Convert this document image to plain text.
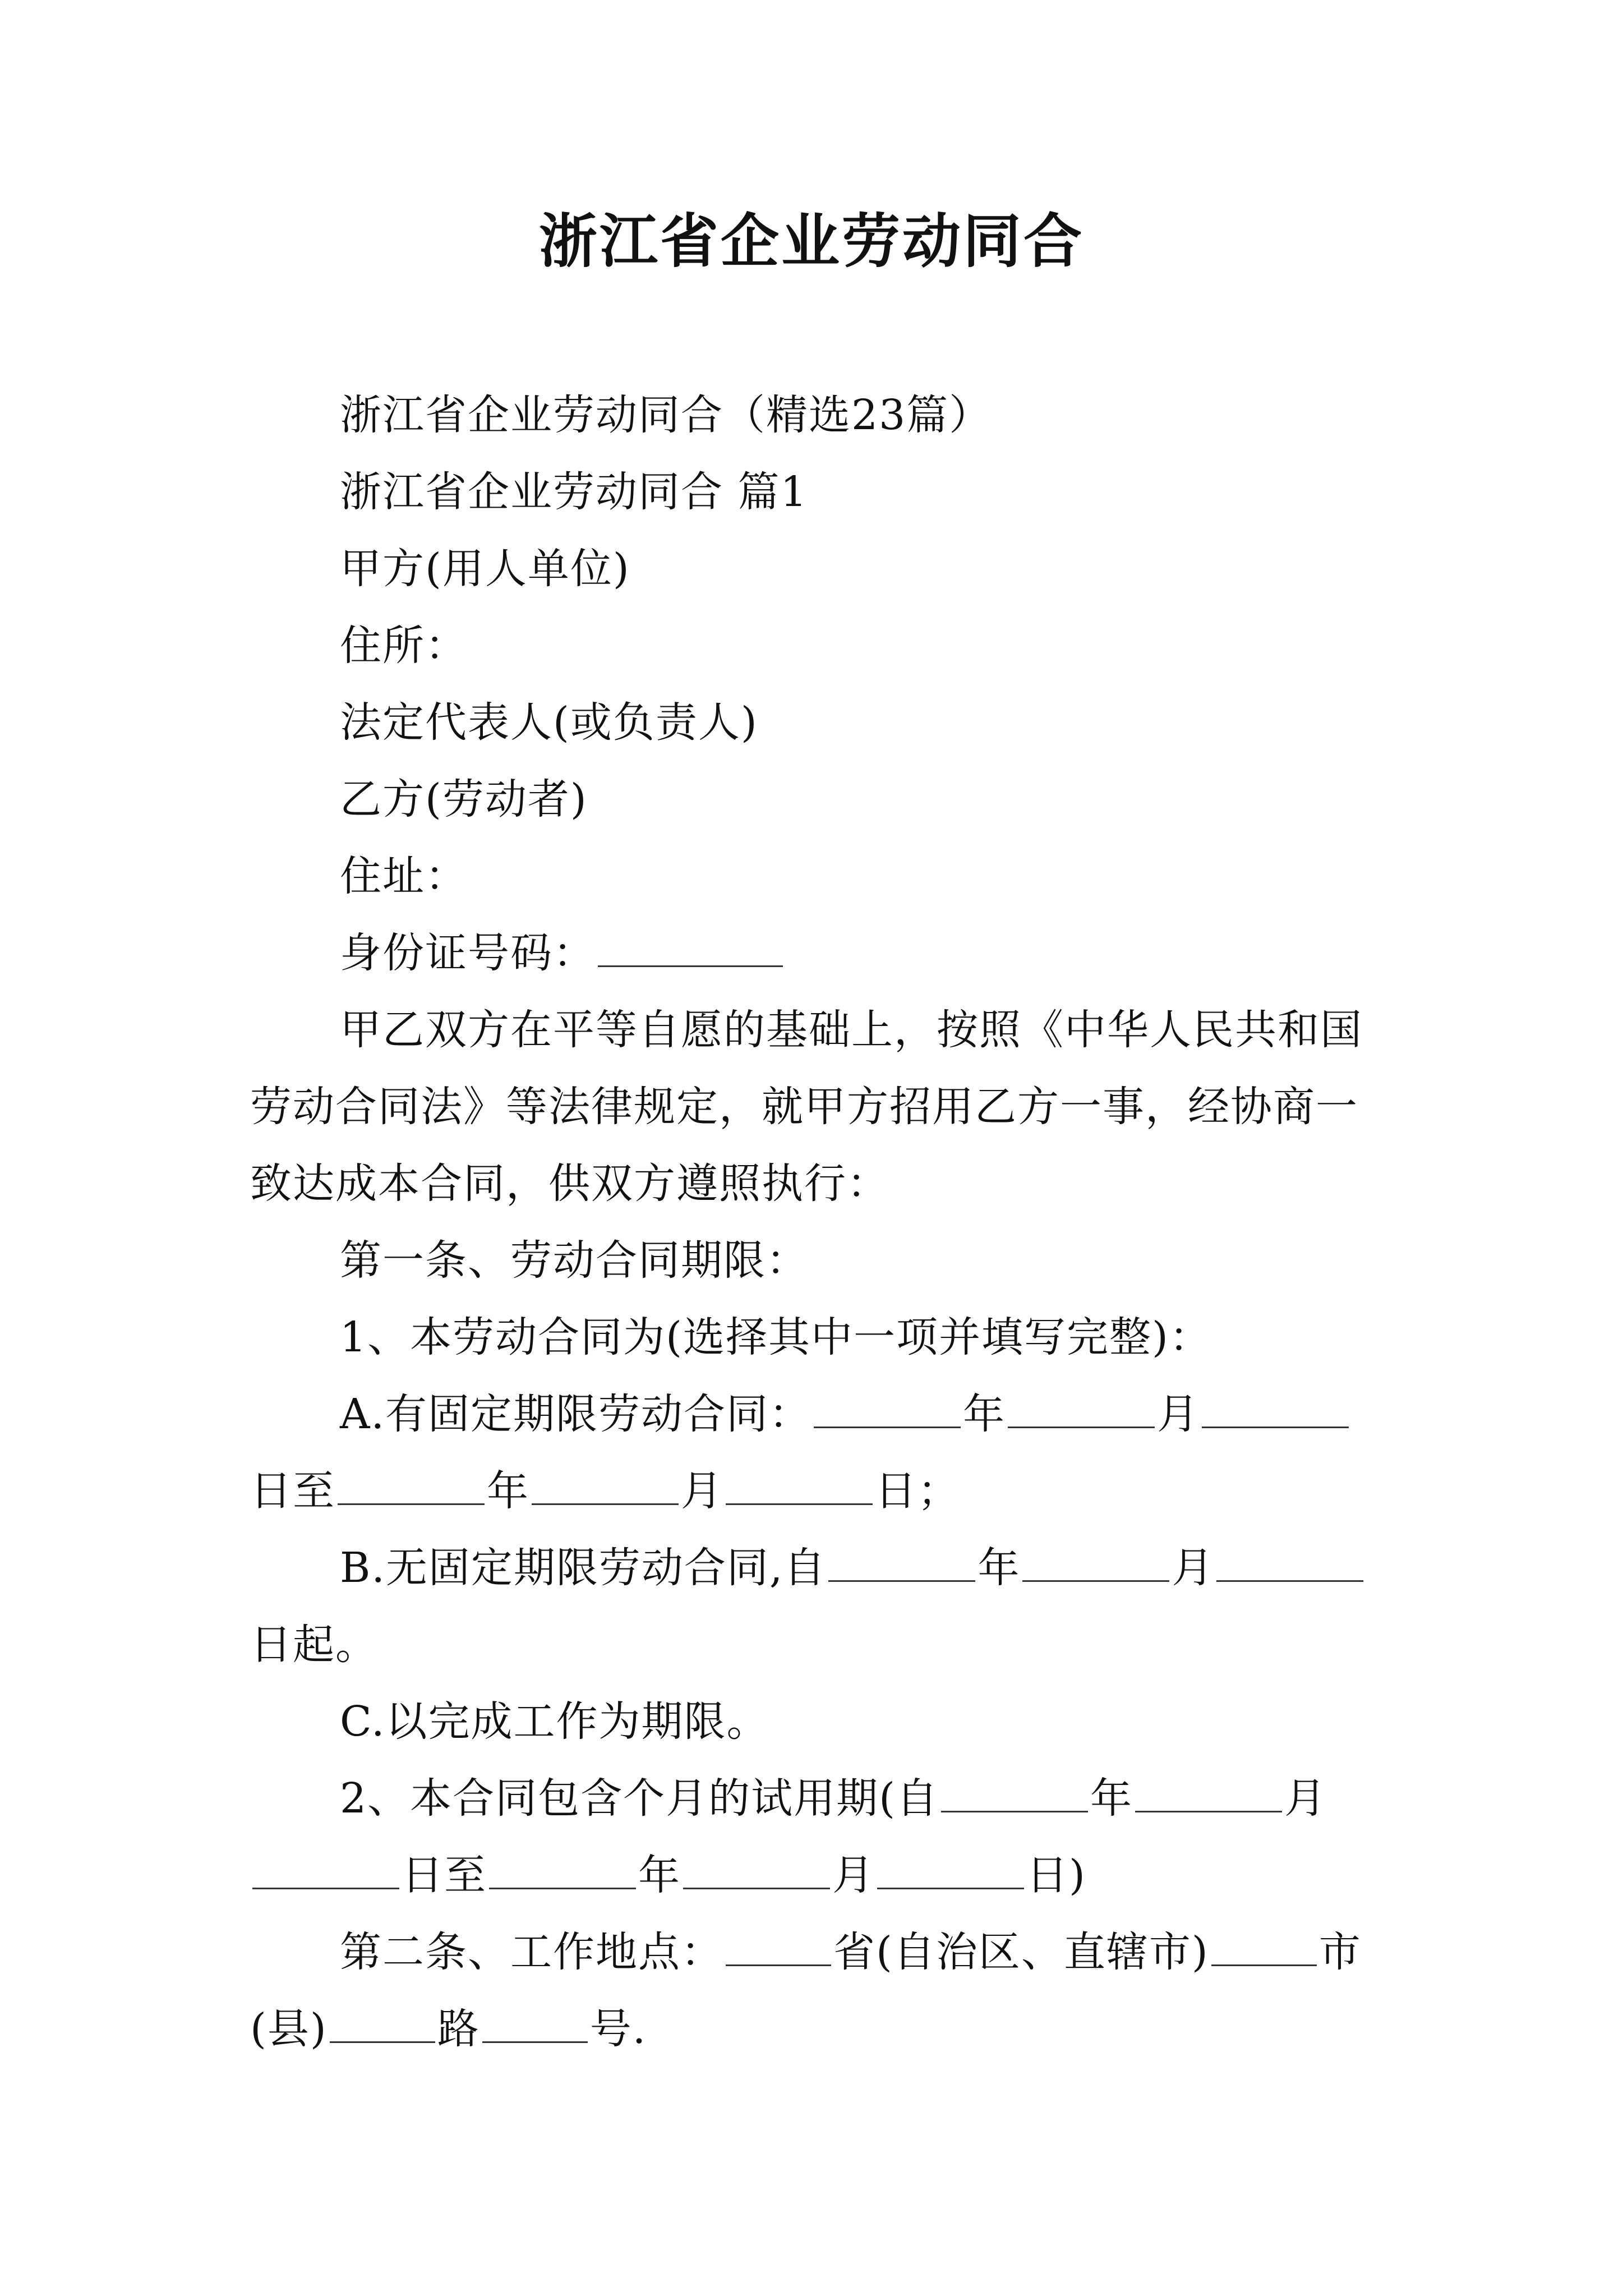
浙江省企业劳动同合
浙江省企业劳动同合（精选23篇）
浙江省企业劳动同合 篇1
甲方(用人单位)
住所：
法定代表人(或负责人)
乙方(劳动者)
住址：
身份证号码：
甲乙双方在平等自愿的基础上，按照《中华人民共和国
劳动合同法》等法律规定，就甲方招用乙方一事，经协商一
致达成本合同，供双方遵照执行：
第一条、劳动合同期限：
1、本劳动合同为(选择其中一项并填写完整)：
A.有固定期限劳动合同：	年	月
日至	年	月	日；
B.无固定期限劳动合同,自	年	月
日起。
C.以完成工作为期限。
2、本合同包含个月的试用期(自	年	月
日至	年	月	日)
第二条、工作地点：	省(自治区、直辖市)	市
(县)	路	号.
